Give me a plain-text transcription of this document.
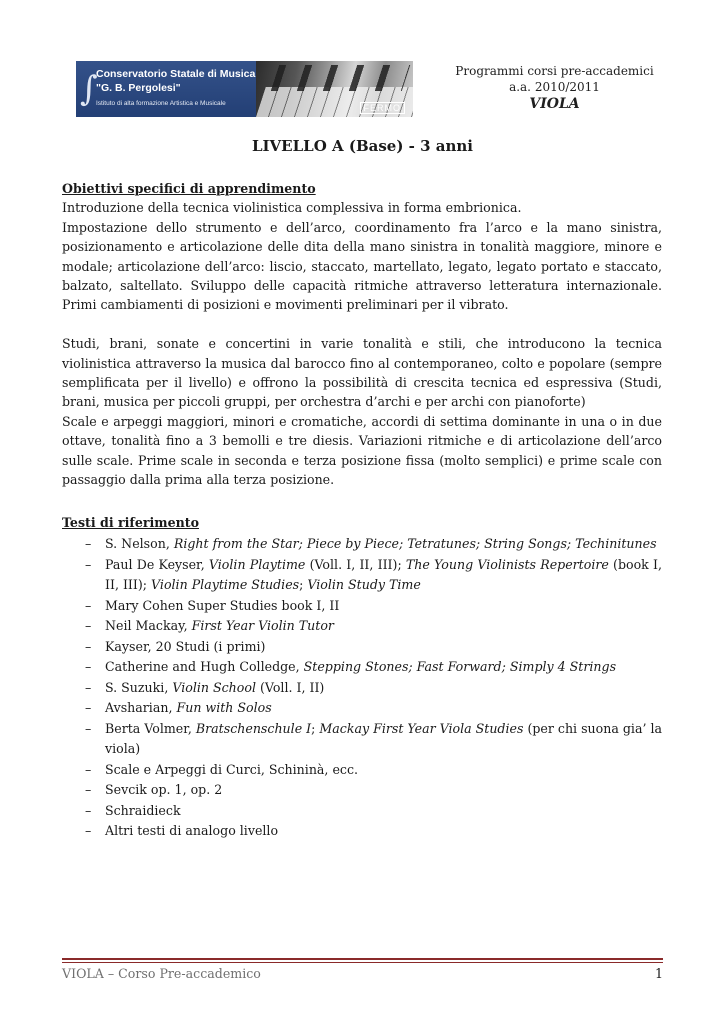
∫
Conservatorio Statale di Musica
"G. B. Pergolesi"
Istituto di alta formazione Artistica e Musicale	FERMO
Programmi corsi pre-accademici
a.a. 2010/2011
VIOLA
LIVELLO A (Base) - 3 anni

Obiettivi specifici di apprendimento

Introduzione della tecnica violinistica complessiva in forma embrionica.

Impostazione dello strumento e dell’arco, coordinamento fra l’arco e la mano sinistra, posizionamento e articolazione delle dita della mano sinistra in tonalità maggiore, minore e modale; articolazione dell’arco: liscio, staccato, martellato, legato, legato portato e staccato, balzato, saltellato. Sviluppo delle capacità ritmiche attraverso letteratura internazionale. Primi cambiamenti di posizioni e movimenti preliminari per il vibrato.

Studi, brani, sonate e concertini in varie tonalità e stili, che introducono la tecnica violinistica attraverso la musica dal barocco fino al contemporaneo, colto e popolare (sempre semplificata per il livello) e offrono la possibilità di crescita tecnica ed espressiva (Studi, brani, musica per piccoli gruppi, per orchestra d’archi e per archi con pianoforte)

Scale e arpeggi maggiori, minori e cromatiche, accordi di settima dominante in una o in due ottave, tonalità fino a 3 bemolli e tre diesis. Variazioni ritmiche e di articolazione dell’arco sulle scale. Prime scale in seconda e terza posizione fissa (molto semplici) e prime scale con passaggio dalla prima alla terza posizione.

Testi di riferimento

– S. Nelson, Right from the Star; Piece by Piece; Tetratunes; String Songs; Techinitunes
– Paul De Keyser, Violin Playtime (Voll. I, II, III); The Young Violinists Repertoire (book I, II, III); Violin Playtime Studies; Violin Study Time
– Mary Cohen Super Studies book I, II
– Neil Mackay, First Year Violin Tutor
– Kayser, 20 Studi (i primi)
– Catherine and Hugh Colledge, Stepping Stones; Fast Forward; Simply 4 Strings
– S. Suzuki, Violin School (Voll. I, II)
– Avsharian, Fun with Solos
– Berta Volmer, Bratschenschule I; Mackay First Year Viola Studies (per chi suona gia’ la viola)
– Scale e Arpeggi di Curci, Schininà, ecc.
– Sevcik op. 1, op. 2
– Schraidieck
– Altri testi di analogo livello
VIOLA – Corso Pre-accademico	1
